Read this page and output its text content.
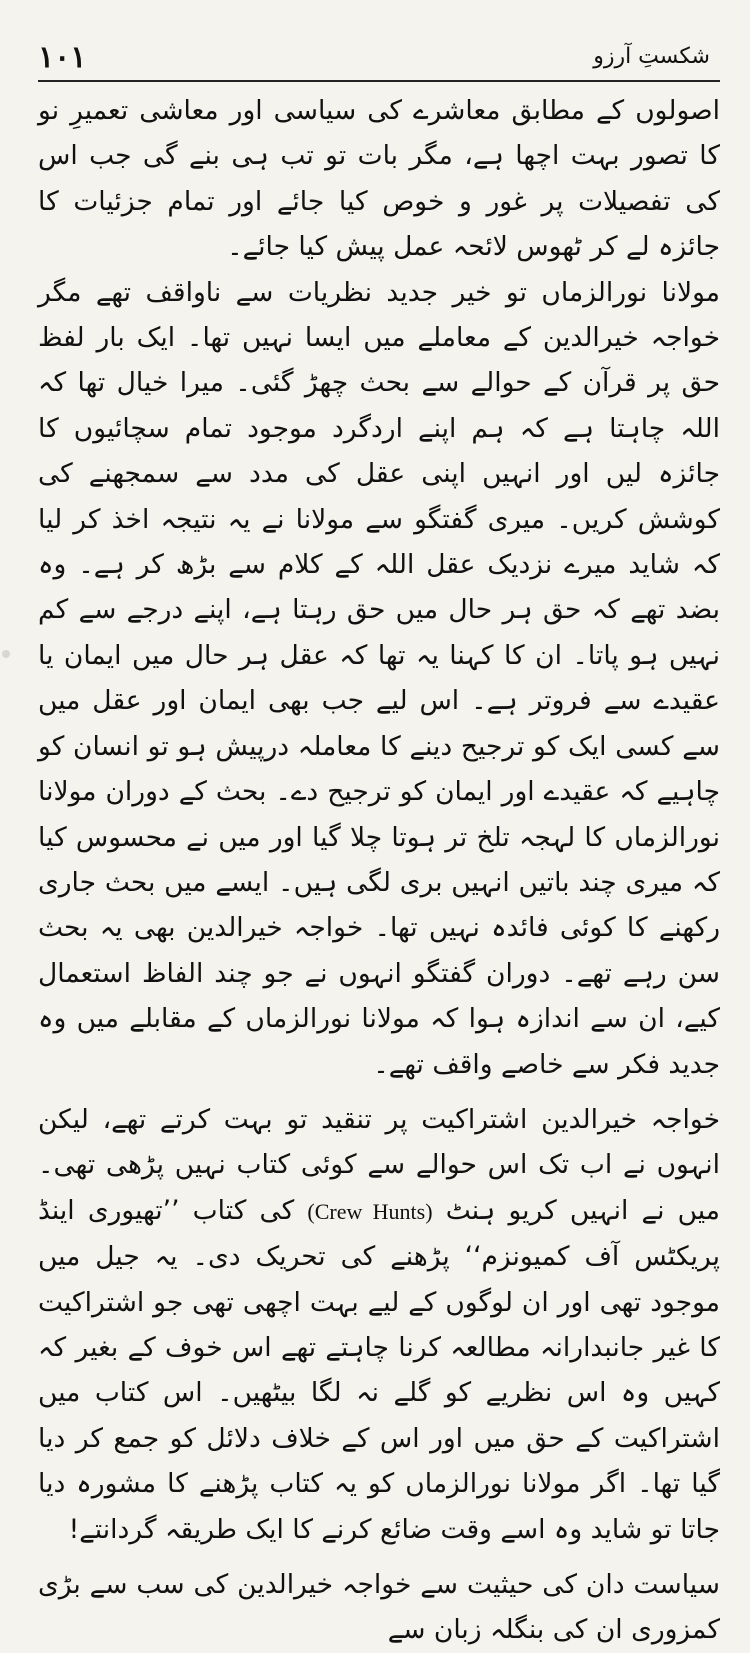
شکستِ آرزو
۱۰۱

اصولوں کے مطابق معاشرے کی سیاسی اور معاشی تعمیرِ نو کا تصور بہت اچھا ہے، مگر بات تو تب ہی بنے گی جب اس کی تفصیلات پر غور و خوص کیا جائے اور تمام جزئیات کا جائزہ لے کر ٹھوس لائحہ عمل پیش کیا جائے۔

مولانا نورالزماں تو خیر جدید نظریات سے ناواقف تھے مگر خواجہ خیرالدین کے معاملے میں ایسا نہیں تھا۔ ایک بار لفظ حق پر قرآن کے حوالے سے بحث چھڑ گئی۔ میرا خیال تھا کہ اللہ چاہتا ہے کہ ہم اپنے اردگرد موجود تمام سچائیوں کا جائزہ لیں اور انہیں اپنی عقل کی مدد سے سمجھنے کی کوشش کریں۔ میری گفتگو سے مولانا نے یہ نتیجہ اخذ کر لیا کہ شاید میرے نزدیک عقل اللہ کے کلام سے بڑھ کر ہے۔ وہ بضد تھے کہ حق ہر حال میں حق رہتا ہے، اپنے درجے سے کم نہیں ہو پاتا۔ ان کا کہنا یہ تھا کہ عقل ہر حال میں ایمان یا عقیدے سے فروتر ہے۔ اس لیے جب بھی ایمان اور عقل میں سے کسی ایک کو ترجیح دینے کا معاملہ درپیش ہو تو انسان کو چاہیے کہ عقیدے اور ایمان کو ترجیح دے۔ بحث کے دوران مولانا نورالزماں کا لہجہ تلخ تر ہوتا چلا گیا اور میں نے محسوس کیا کہ میری چند باتیں انہیں بری لگی ہیں۔ ایسے میں بحث جاری رکھنے کا کوئی فائدہ نہیں تھا۔ خواجہ خیرالدین بھی یہ بحث سن رہے تھے۔ دوران گفتگو انہوں نے جو چند الفاظ استعمال کیے، ان سے اندازہ ہوا کہ مولانا نورالزماں کے مقابلے میں وہ جدید فکر سے خاصے واقف تھے۔

خواجہ خیرالدین اشتراکیت پر تنقید تو بہت کرتے تھے، لیکن انہوں نے اب تک اس حوالے سے کوئی کتاب نہیں پڑھی تھی۔ میں نے انہیں کریو ہنٹ (Crew Hunts) کی کتاب ’’تھیوری اینڈ پریکٹس آف کمیونزم‘‘ پڑھنے کی تحریک دی۔ یہ جیل میں موجود تھی اور ان لوگوں کے لیے بہت اچھی تھی جو اشتراکیت کا غیر جانبدارانہ مطالعہ کرنا چاہتے تھے اس خوف کے بغیر کہ کہیں وہ اس نظریے کو گلے نہ لگا بیٹھیں۔ اس کتاب میں اشتراکیت کے حق میں اور اس کے خلاف دلائل کو جمع کر دیا گیا تھا۔ اگر مولانا نورالزماں کو یہ کتاب پڑھنے کا مشورہ دیا جاتا تو شاید وہ اسے وقت ضائع کرنے کا ایک طریقہ گردانتے!

سیاست دان کی حیثیت سے خواجہ خیرالدین کی سب سے بڑی کمزوری ان کی بنگلہ زبان سے
